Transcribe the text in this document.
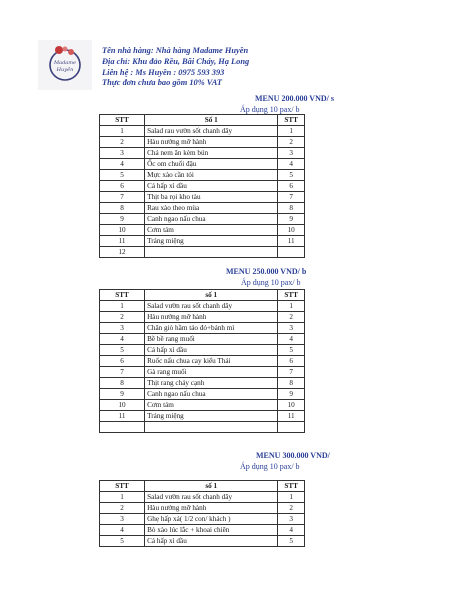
Madame
Huyền
Tên nhà hàng: Nhà hàng Madame Huyền
Địa chỉ: Khu đảo Rều, Bãi Cháy, Hạ Long
Liên hệ : Ms Huyền : 0975 593 393
Thực đơn chưa bao gồm 10% VAT
MENU 200.000 VND/ s
Áp dụng 10 pax/ b
STT	Số 1	STT
1	Salad rau vườn sốt chanh dây	1
2	Hàu nướng mỡ hành	2
3	Chả nem ăn kèm bún	3
4	Ốc om chuối đậu	4
5	Mực xào cần tỏi	5
6	Cá hấp xì dầu	6
7	Thịt ba rọi kho tàu	7
8	Rau xào theo mùa	8
9	Canh ngao nấu chua	9
10	Cơm tám	10
11	Tráng miệng	11
12		
MENU 250.000 VND/ b
Áp dụng 10 pax/ b
STT	số 1	STT
1	Salad vườn rau sốt chanh dây	1
2	Hàu nướng mỡ hành	2
3	Chân giò hầm táo đỏ+bánh mì	3
4	Bề bề rang muối	4
5	Cá hấp xì dầu	5
6	Ruốc nấu chua cay kiểu Thái	6
7	Gà rang muối	7
8	Thịt rang cháy cạnh	8
9	Canh ngao nấu chua	9
10	Cơm tám	10
11	Tráng miệng	11

MENU 300.000 VND/
Áp dụng 10 pax/ b
STT	số 1	STT
1	Salad vườn rau sốt chanh dây	1
2	Hàu nướng mỡ hành	2
3	Ghẹ hấp xả( 1/2 con/ khách )	3
4	Bò xào lúc lắc + khoai chiên	4
5	Cá hấp xì dầu	5
